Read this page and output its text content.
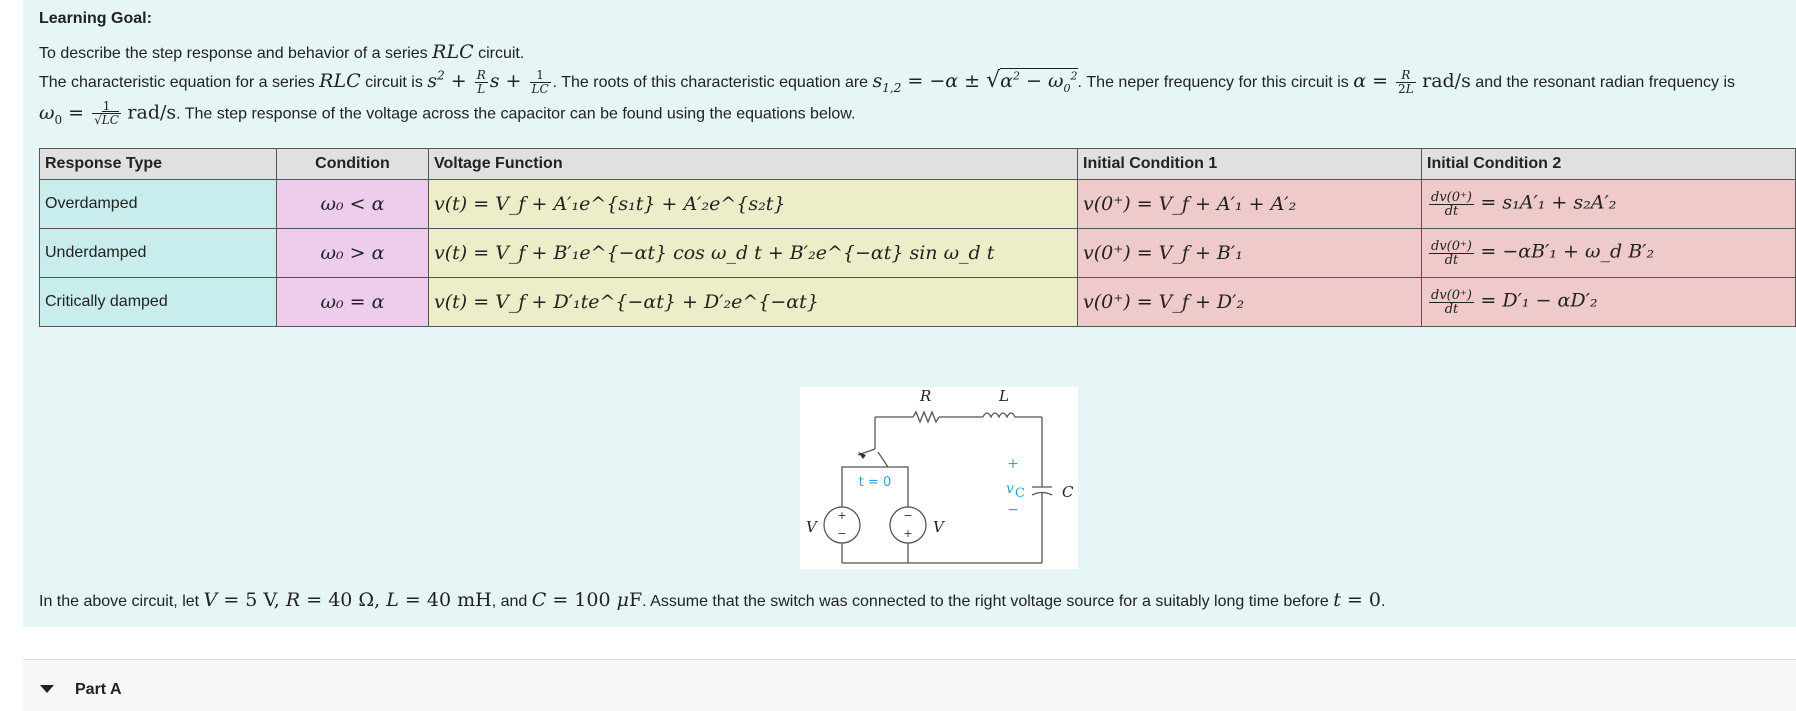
Learning Goal:
To describe the step response and behavior of a series RLC circuit.
The characteristic equation for a series RLC circuit is $s^2 + \frac{R}{L}$ $s + \frac{1}{LC}$ . The roots of this characteristic equation are $s_{1,2} = -\alpha \pm √\alpha^2 - \omega_0^2$. The neper frequency for this circuit is $\alpha = \frac{R}{2L} rad/s$ and the resonant radian frequency is
$\omega_0 = \frac{1}{√LC} rad/s$. The step response of the voltage across the capacitor can be found using the equations below.
Response Type	Condition	Voltage Function	Initial Condition 1	Initial Condition 2
Overdamped	ω₀ < α	v(t) = V_f + A′₁e^{s₁t} + A′₂e^{s₂t}	v(0⁺) = V_f + A′₁ + A′₂	$\frac{dv(0^+)}{dt} = s_1A'_1 + s_2A'_2$
Underdamped	ω₀ > α	v(t) = V_f + B′₁e^{−αt} cos ω_d t + B′₂e^{−αt} sin ω_d t	v(0⁺) = V_f + B′₁	$\frac{dv(0^+)}{dt} = -\alpha B'_1$ + ω_d B′₂
Critically damped	ω₀ = α	v(t) = V_f + D′₁te^{−αt} + D′₂e^{−αt}	v(0⁺) = V_f + D′₂	$\frac{dv(0^+)}{dt} = D'_1 - \alpha D'_2$
R	L
C
V	V
+
−
−
+
t = 0
+
v C
−
In the above circuit, let V = 5 V, R = 40 Ω, L = 40 mH, and C = 100 μF. Assume that the switch was connected to the right voltage source for a suitably long time before t = 0.
Part A
